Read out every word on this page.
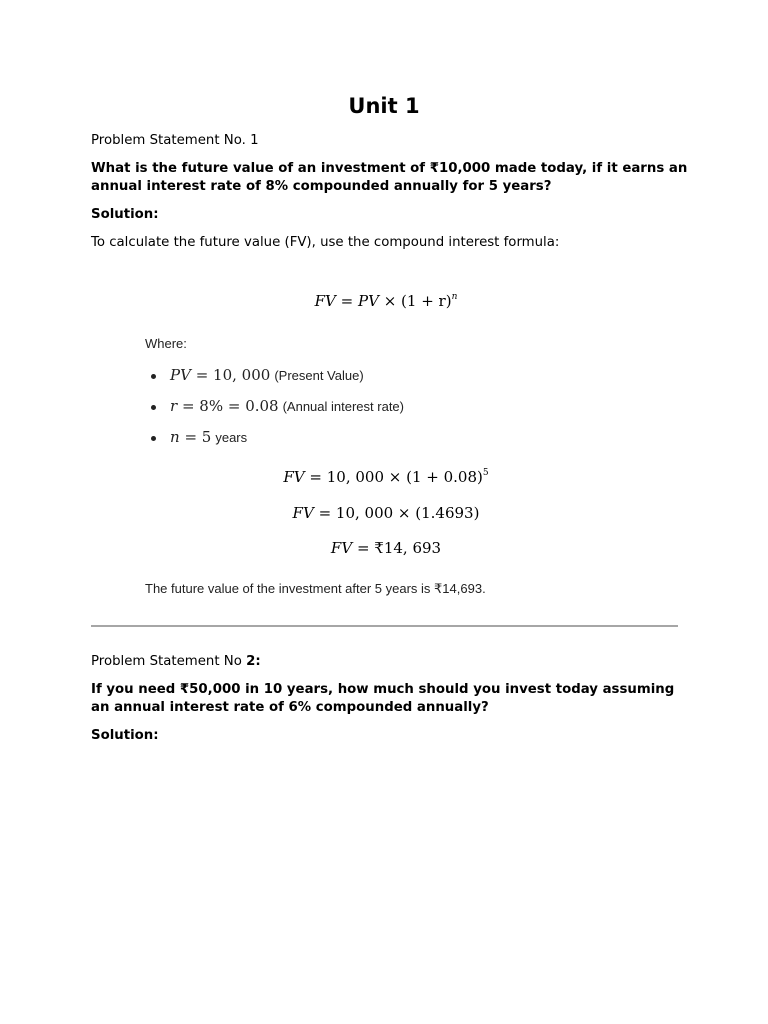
Unit 1
Problem Statement No. 1
What is the future value of an investment of ₹10,000 made today, if it earns an annual interest rate of 8% compounded annually for 5 years?
Solution:
To calculate the future value (FV), use the compound interest formula:
FV = PV × $(1 + r)^n$
Where:
PV = 10, 000 (Present Value)
r = 8% = 0.08 (Annual interest rate)
n = 5 years
FV = 10, $000 \times (1 + 0.08)^5$
FV = 10, 000 × (1.4693)
FV = ₹14, 693
The future value of the investment after 5 years is ₹14,693.
Problem Statement No 2:
If you need ₹50,000 in 10 years, how much should you invest today assuming an annual interest rate of 6% compounded annually?
Solution:
